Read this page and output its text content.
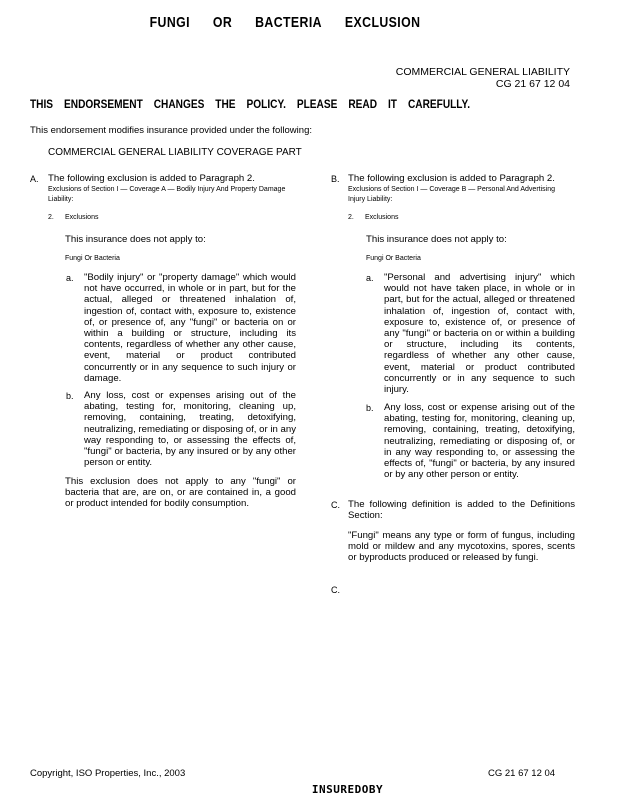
FUNGI OR BACTERIA EXCLUSION
COMMERCIAL GENERAL LIABILITY
CG 21 67 12 04
THIS ENDORSEMENT CHANGES THE POLICY. PLEASE READ IT CAREFULLY.
This endorsement modifies insurance provided under the following:
COMMERCIAL GENERAL LIABILITY COVERAGE PART
A. The following exclusion is added to Paragraph 2.
Exclusions of Section I — Coverage A — Bodily Injury And Property Damage Liability:
2. Exclusions
This insurance does not apply to:
Fungi Or Bacteria
a. "Bodily injury" or "property damage" which would not have occurred, in whole or in part, but for the actual, alleged or threatened inhalation of, ingestion of, contact with, exposure to, existence of, or presence of, any "fungi" or bacteria on or within a building or structure, including its contents, regardless of whether any other cause, event, material or product contributed concurrently or in any sequence to such injury or damage.
b. Any loss, cost or expenses arising out of the abating, testing for, monitoring, cleaning up, removing, containing, treating, detoxifying, neutralizing, remediating or disposing of, or in any way responding to, or assessing the effects of, "fungi" or bacteria, by any insured or by any other person or entity.
This exclusion does not apply to any "fungi" or bacteria that are, are on, or are contained in, a good or product intended for bodily consumption.
B. The following exclusion is added to Paragraph 2.
Exclusions of Section I — Coverage B — Personal And Advertising Injury Liability:
2. Exclusions
This insurance does not apply to:
Fungi Or Bacteria
a. "Personal and advertising injury" which would not have taken place, in whole or in part, but for the actual, alleged or threatened inhalation of, ingestion of, contact with, exposure to, existence of, or presence of any "fungi" or bacteria on or within a building or structure, including its contents, regardless of whether any other cause, event, material or product contributed concurrently or in any sequence to such injury.
b. Any loss, cost or expense arising out of the abating, testing for, monitoring, cleaning up, removing, containing, treating, detoxifying, neutralizing, remediating or disposing of, or in any way responding to, or assessing the effects of, "fungi" or bacteria, by any insured or by any other person or entity.
C. The following definition is added to the Definitions Section:
"Fungi" means any type or form of fungus, including mold or mildew and any mycotoxins, spores, scents or byproducts produced or released by fungi.
C.
Copyright, ISO Properties, Inc., 2003	CG 21 67 12 04
INSUREDOBY
